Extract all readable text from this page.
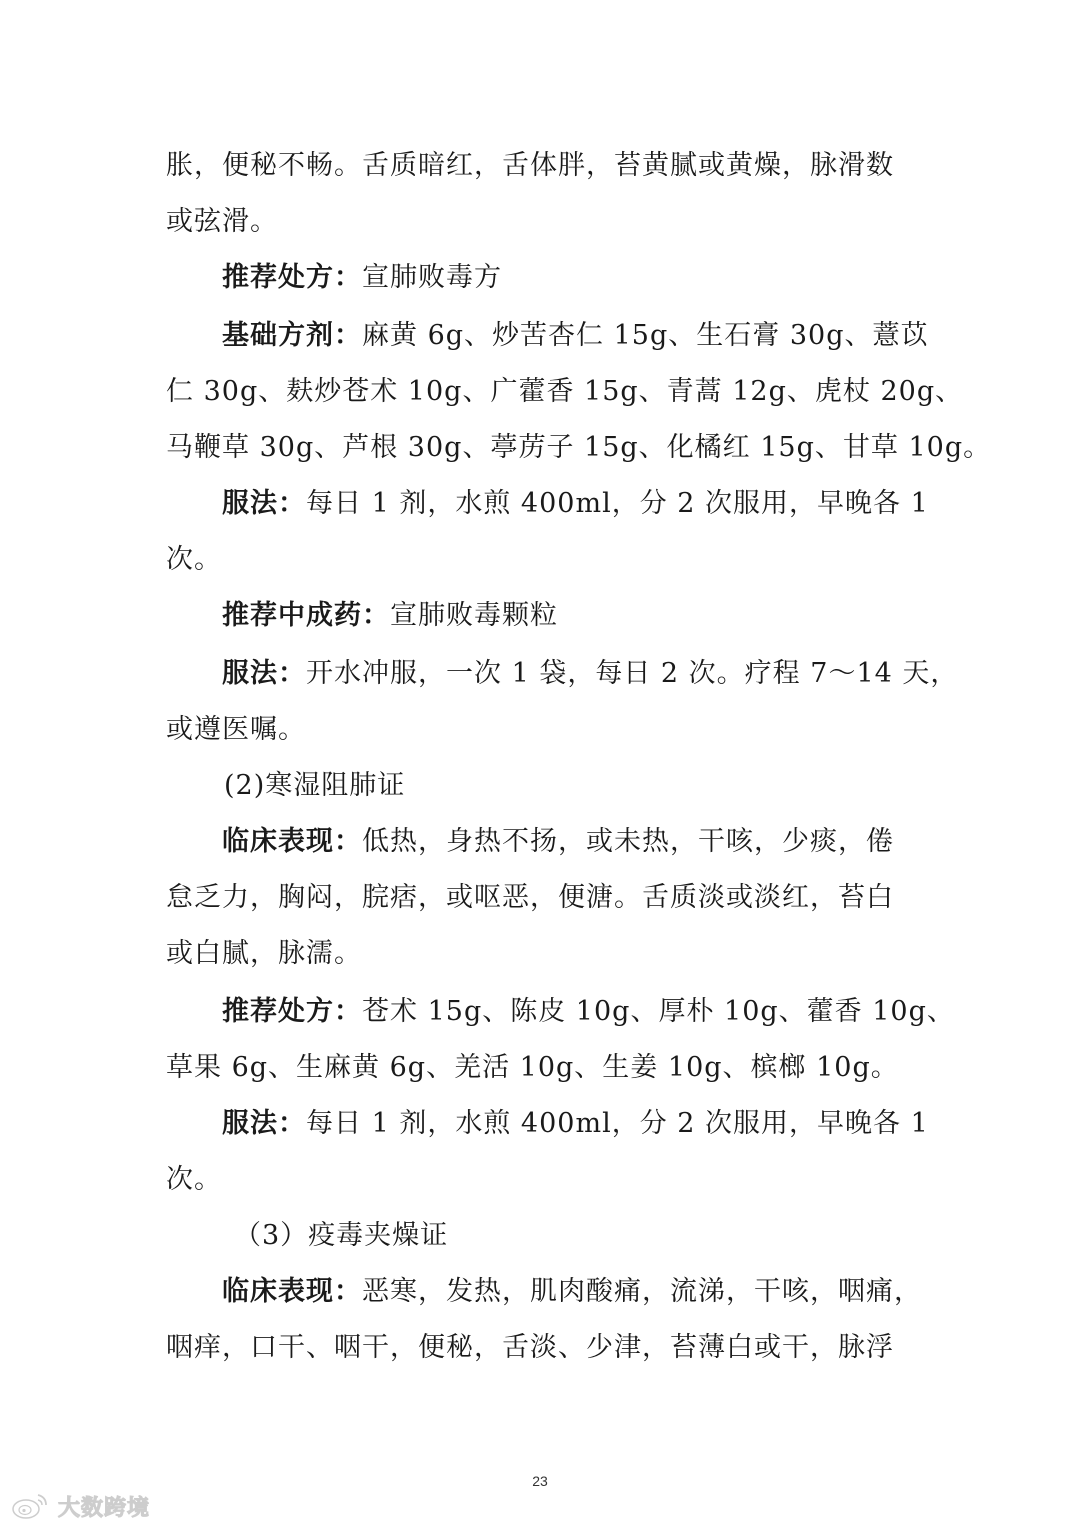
胀，便秘不畅。舌质暗红，舌体胖，苔黄腻或黄燥，脉滑数
或弦滑。
推荐处方：宣肺败毒方
基础方剂：麻黄 6g、炒苦杏仁 15g、生石膏 30g、薏苡
仁 30g、麸炒苍术 10g、广藿香 15g、青蒿 12g、虎杖 20g、
马鞭草 30g、芦根 30g、葶苈子 15g、化橘红 15g、甘草 10g。
服法：每日 1 剂，水煎 400ml，分 2 次服用，早晚各 1
次。
推荐中成药：宣肺败毒颗粒
服法：开水冲服，一次 1 袋，每日 2 次。疗程 7～14 天，
或遵医嘱。
(2)寒湿阻肺证
临床表现：低热，身热不扬，或未热，干咳，少痰，倦
怠乏力，胸闷，脘痞，或呕恶，便溏。舌质淡或淡红，苔白
或白腻，脉濡。
推荐处方：苍术 15g、陈皮 10g、厚朴 10g、藿香 10g、
草果 6g、生麻黄 6g、羌活 10g、生姜 10g、槟榔 10g。
服法：每日 1 剂，水煎 400ml，分 2 次服用，早晚各 1
次。
（3）疫毒夹燥证
临床表现：恶寒，发热，肌肉酸痛，流涕，干咳，咽痛，
咽痒，口干、咽干，便秘，舌淡、少津，苔薄白或干，脉浮
23
大数跨境
